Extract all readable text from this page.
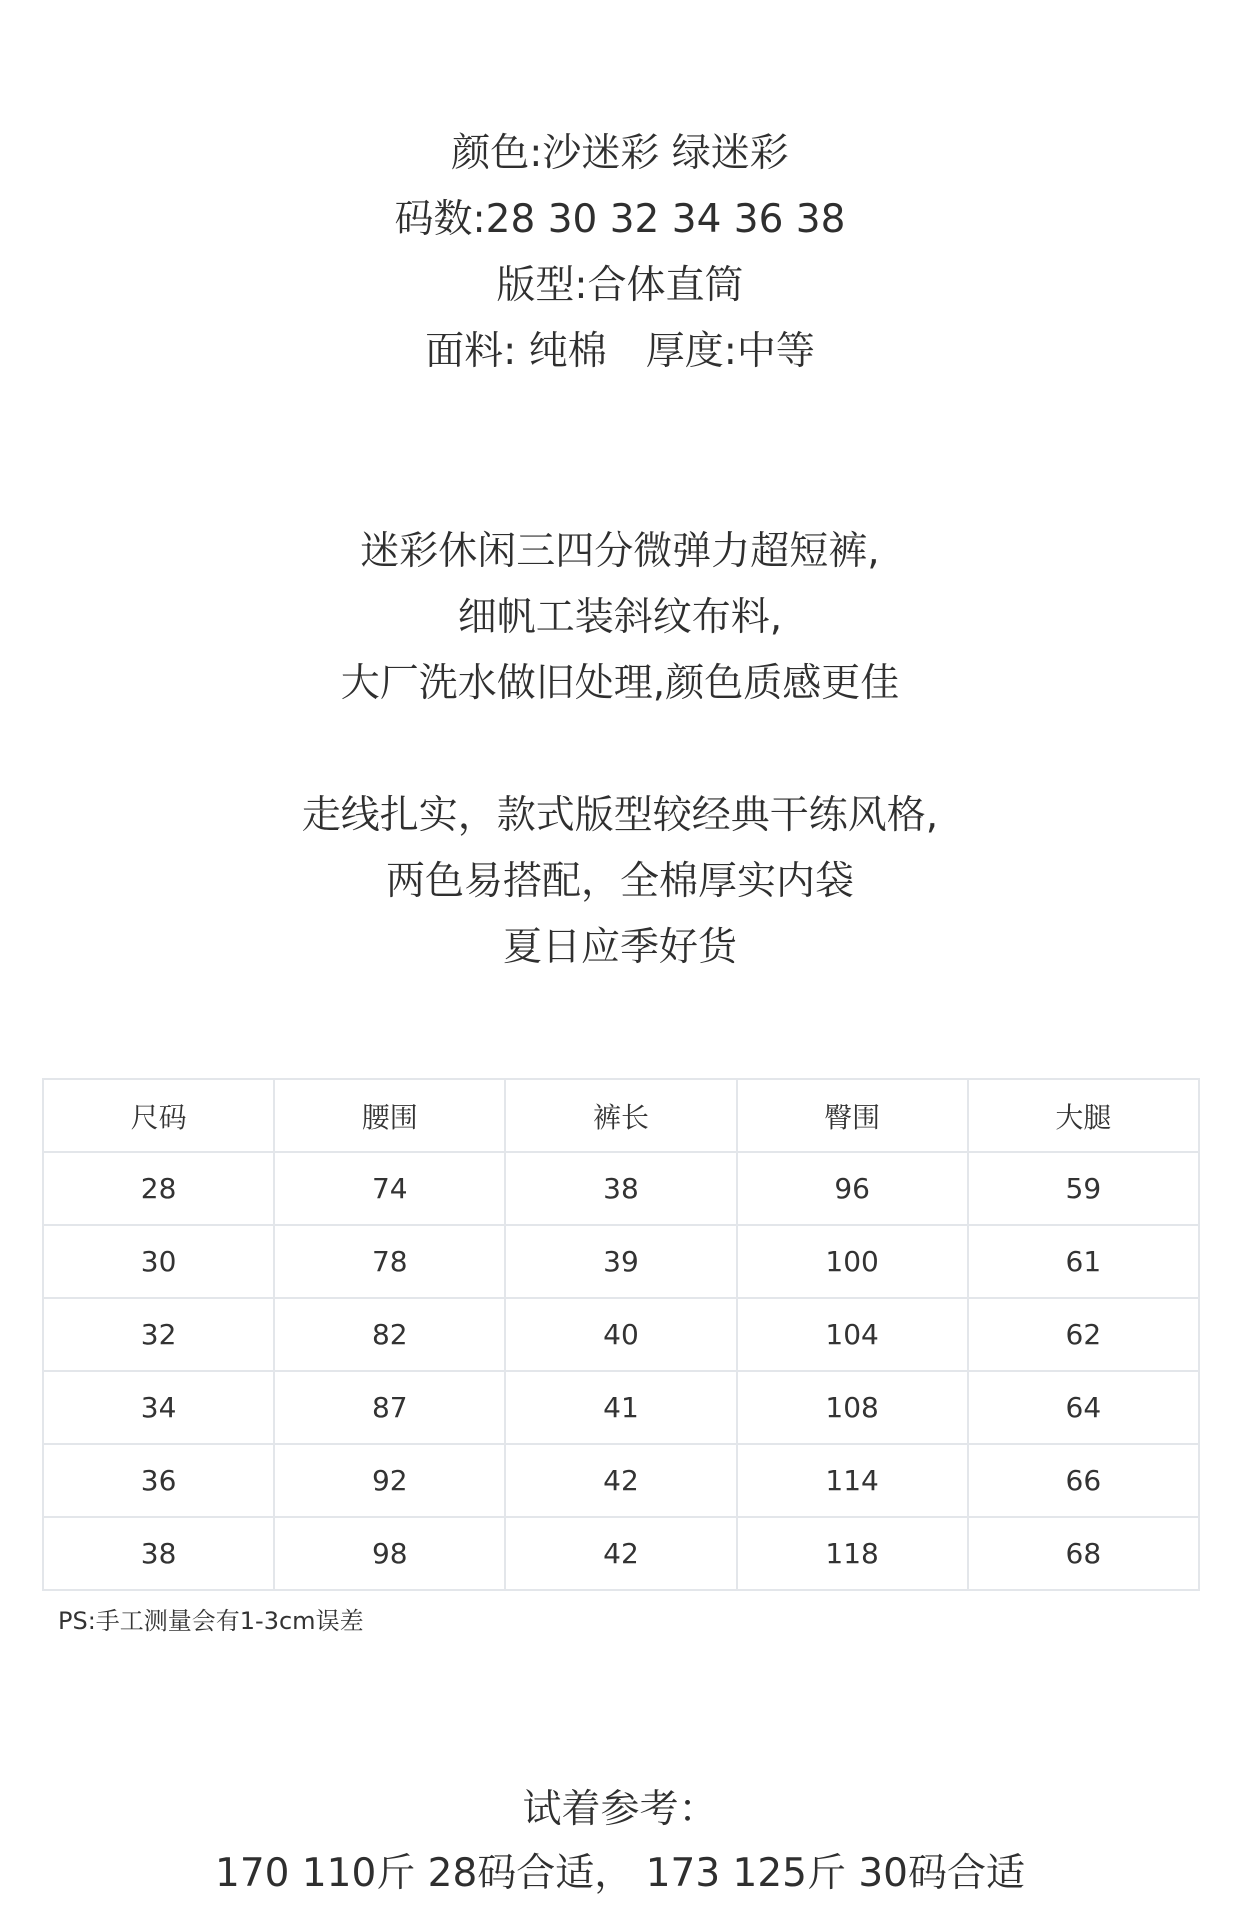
颜色:沙迷彩 绿迷彩
码数:28 30 32 34 36 38
版型:合体直筒
面料: 纯棉　厚度:中等
迷彩休闲三四分微弹力超短裤,
细帆工装斜纹布料,
大厂洗水做旧处理,颜色质感更佳
走线扎实，款式版型较经典干练风格,
两色易搭配，全棉厚实内袋
夏日应季好货
尺码	腰围	裤长	臀围	大腿
28	74	38	96	59
30	78	39	100	61
32	82	40	104	62
34	87	41	108	64
36	92	42	114	66
38	98	42	118	68
PS:手工测量会有1-3cm误差
试着参考：
170 110斤 28码合适， 173 125斤 30码合适
